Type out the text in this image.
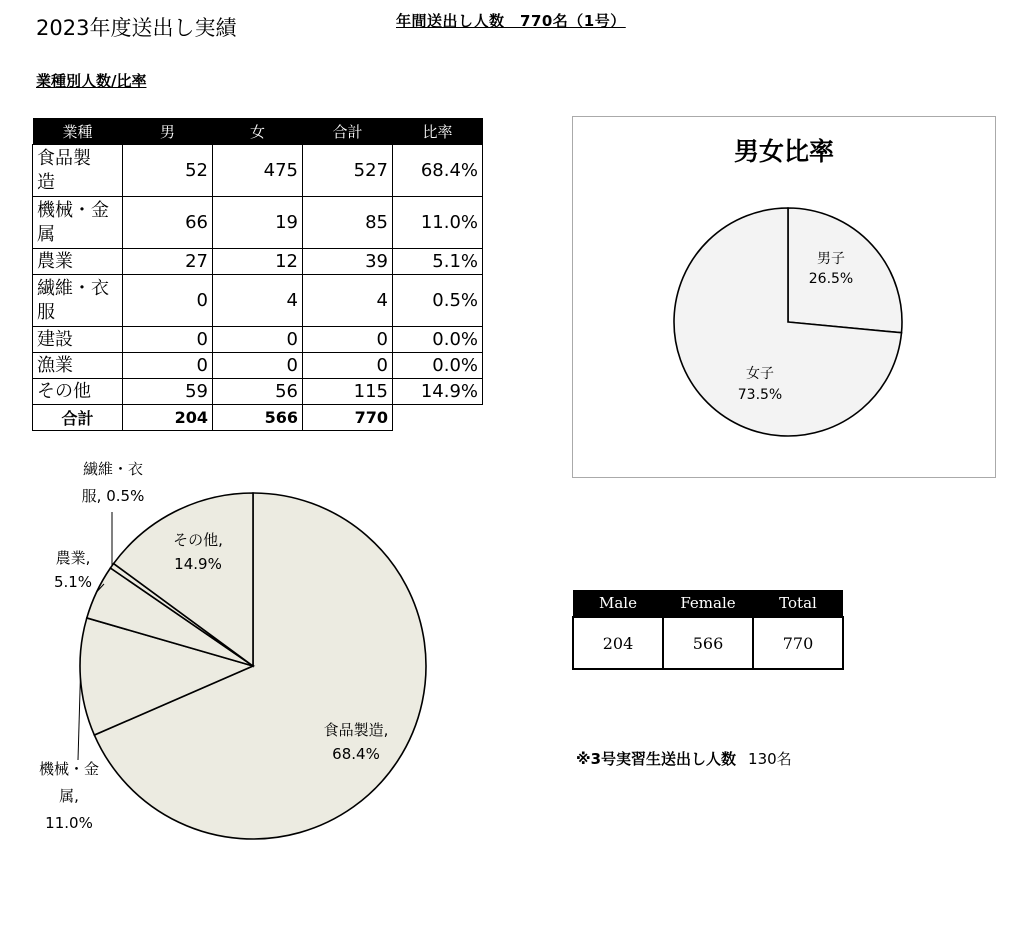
2023年度送出し実績	年間送出し人数　770名（1号）
業種別人数/比率
業種	男	女	合計	比率
食品製
造	52	475	527	68.4%
機械・金
属	66	19	85	11.0%
農業	27	12	39	5.1%
繊維・衣
服	0	4	4	0.5%
建設	0	0	0	0.0%
漁業	0	0	0	0.0%
その他	59	56	115	14.9%
合計	204	566	770	
男女比率
食品製造,
68.4%
機械・金
属,
11.0%
農業,
5.1%
繊維・衣
服, 0.5%
その他,
14.9%
男子
26.5%
女子
73.5%
Male	Female	Total
204	566	770
※3号実習生送出し人数 130名
